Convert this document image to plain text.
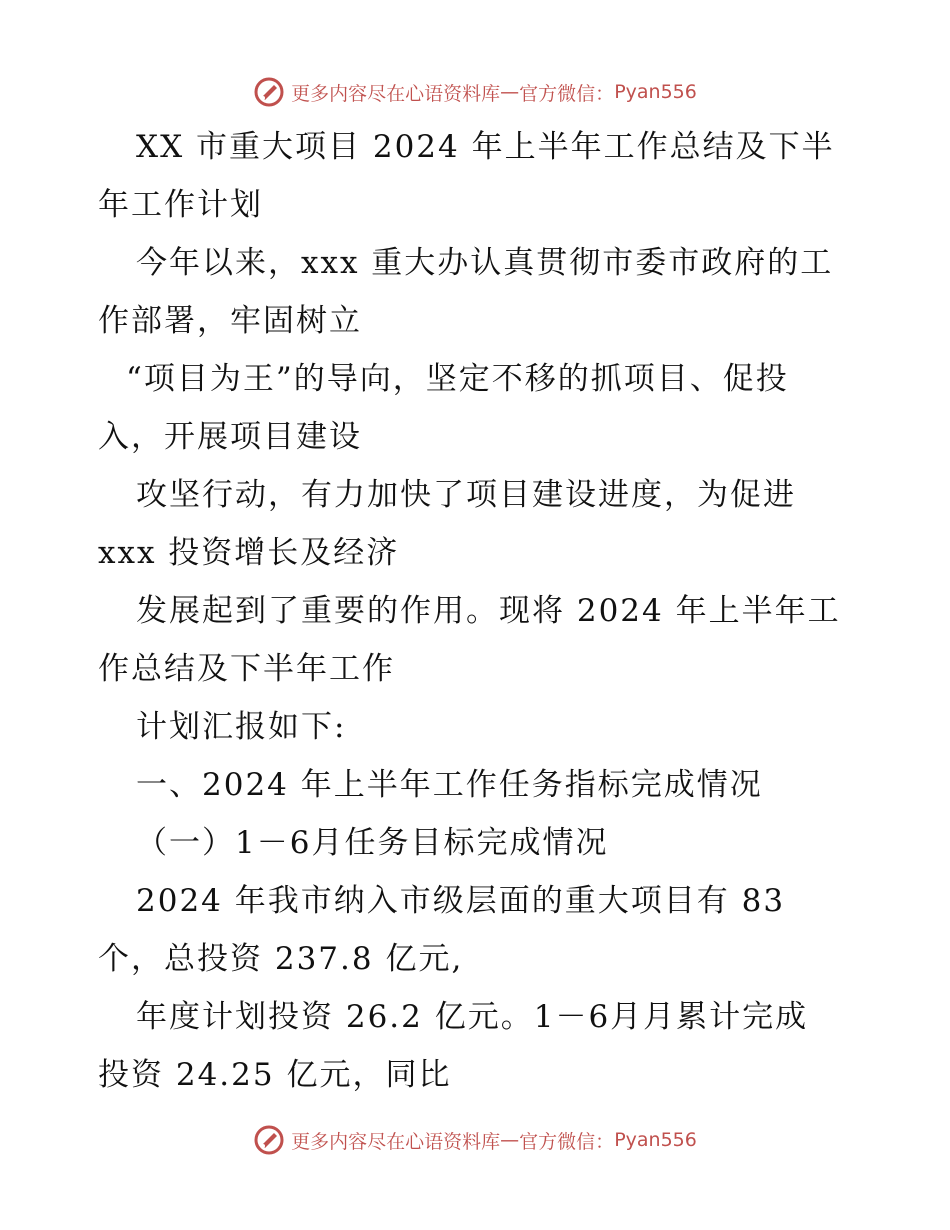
更多内容尽在心语资料库 — 官方微信： Pyan556
XX 市重大项目 2024 年上半年工作总结及下半
年工作计划
今年以来，xxx 重大办认真贯彻市委市政府的工
作部署，牢固树立
“项目为王”的导向，坚定不移的抓项目、促投
入，开展项目建设
攻坚行动，有力加快了项目建设进度，为促进
xxx 投资增长及经济
发展起到了重要的作用。现将 2024 年上半年工
作总结及下半年工作
计划汇报如下:
一、2024 年上半年工作任务指标完成情况
（一）1－6月任务目标完成情况
2024 年我市纳入市级层面的重大项目有 83
个，总投资 237.8 亿元,
年度计划投资 26.2 亿元。1－6月月累计完成
投资 24.25 亿元，同比
更多内容尽在心语资料库 — 官方微信： Pyan556
